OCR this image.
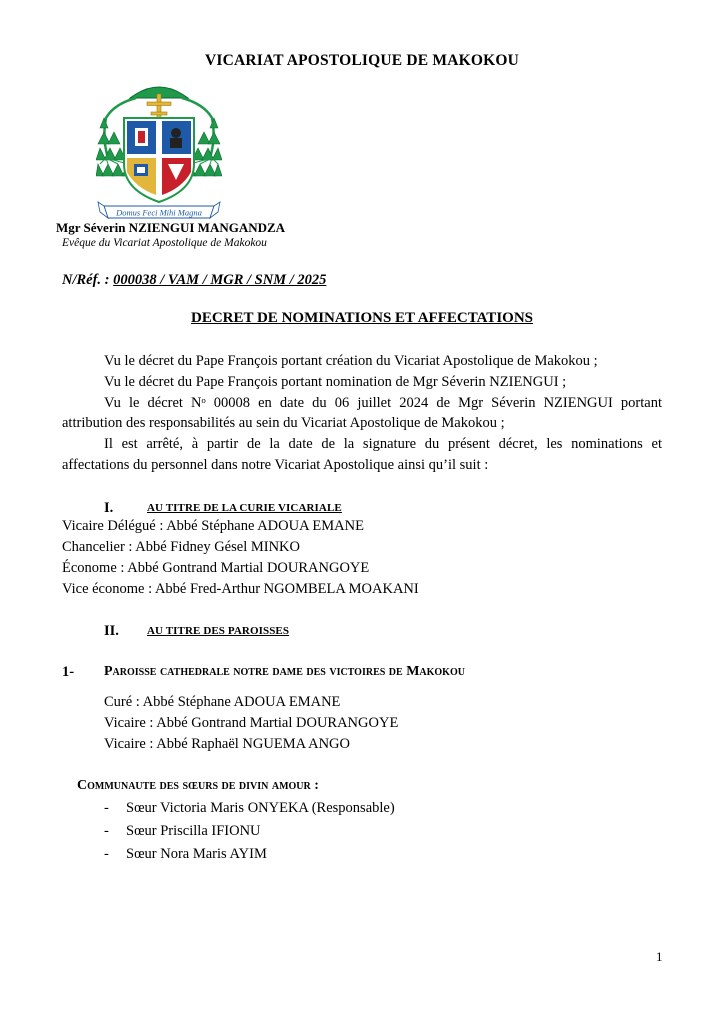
VICARIAT APOSTOLIQUE DE MAKOKOU
Domus Feci Mihi Magna
Mgr Séverin NZIENGUI MANGANDZA
Evêque du Vicariat Apostolique de Makokou
N/Réf. : 000038 / VAM / MGR / SNM / 2025
DECRET DE NOMINATIONS ET AFFECTATIONS
Vu le décret du Pape François portant création du Vicariat Apostolique de Makokou ;
Vu le décret du Pape François portant nomination de Mgr Séverin NZIENGUI ;
Vu le décret Nᵒ 00008 en date du 06 juillet 2024 de Mgr Séverin NZIENGUI portant
attribution des responsabilités au sein du Vicariat Apostolique de Makokou ;
Il est arrêté, à partir de la date de la signature du présent décret, les nominations et
affectations du personnel dans notre Vicariat Apostolique ainsi qu’il suit :
I.	AU TITRE DE LA CURIE VICARIALE
Vicaire Délégué : Abbé Stéphane ADOUA EMANE
Chancelier : Abbé Fidney Gésel MINKO
Économe : Abbé Gontrand Martial DOURANGOYE
Vice économe : Abbé Fred-Arthur NGOMBELA MOAKANI
II.	AU TITRE DES PAROISSES
1- Paroisse cathedrale notre dame des victoires de Makokou
Curé : Abbé Stéphane ADOUA EMANE
Vicaire : Abbé Gontrand Martial DOURANGOYE
Vicaire : Abbé Raphaël NGUEMA ANGO
Communaute des sœurs de divin amour :
- Sœur Victoria Maris ONYEKA (Responsable)
- Sœur Priscilla IFIONU
- Sœur Nora Maris AYIM
1
